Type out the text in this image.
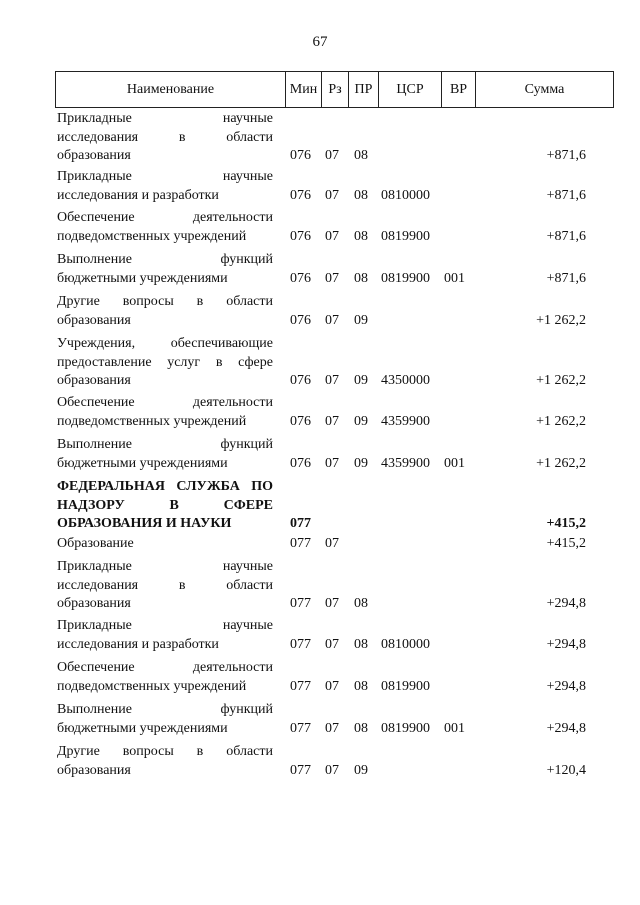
67
Наименование	Мин Рз ПР	ЦСР	ВР	Сумма
Прикладные научные
исследования в области
образования	076 07 08	+871,6
Прикладные научные
исследования и разработки	076 07 08 0810000	+871,6
Обеспечение деятельности
подведомственных учреждений	076 07 08 0819900	+871,6
Выполнение функций
бюджетными учреждениями	076 07 08 0819900 001	+871,6
Другие вопросы в области
образования	076 07 09	+1 262,2
Учреждения, обеспечивающие
предоставление услуг в сфере
образования	076 07 09 4350000	+1 262,2
Обеспечение деятельности
подведомственных учреждений	076 07 09 4359900	+1 262,2
Выполнение функций
бюджетными учреждениями	076 07 09 4359900 001	+1 262,2
ФЕДЕРАЛЬНАЯ СЛУЖБА ПО
НАДЗОРУ В СФЕРЕ
ОБРАЗОВАНИЯ И НАУКИ	077	+415,2
Образование	077 07	+415,2
Прикладные научные
исследования в области
образования	077 07 08	+294,8
Прикладные научные
исследования и разработки	077 07 08 0810000	+294,8
Обеспечение деятельности
подведомственных учреждений	077 07 08 0819900	+294,8
Выполнение функций
бюджетными учреждениями	077 07 08 0819900 001	+294,8
Другие вопросы в области
образования	077 07 09	+120,4
